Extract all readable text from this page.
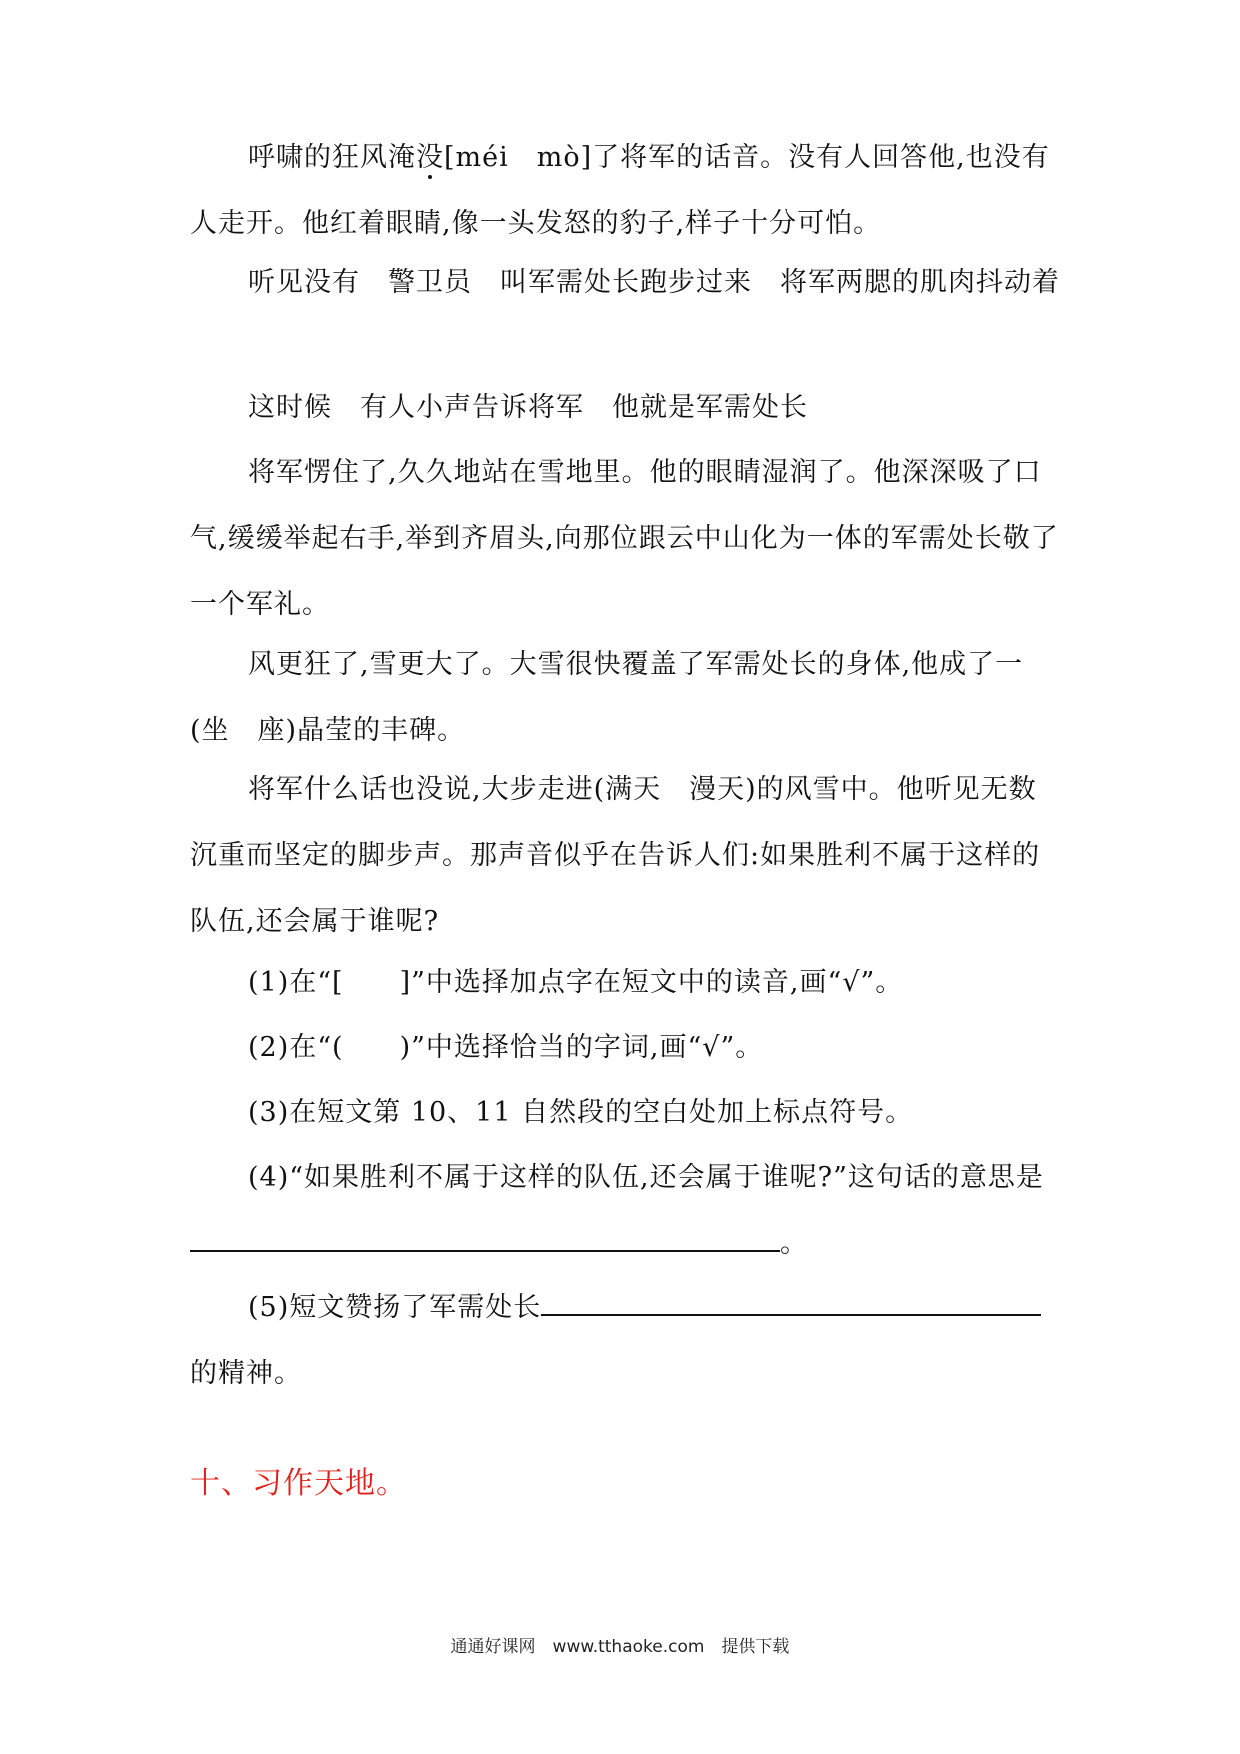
呼啸的狂风淹没[méi　mò]了将军的话音。没有人回答他,也没有人走开。他红着眼睛,像一头发怒的豹子,样子十分可怕。
听见没有　警卫员　叫军需处长跑步过来　将军两腮的肌肉抖动着
这时候　有人小声告诉将军　他就是军需处长
将军愣住了,久久地站在雪地里。他的眼睛湿润了。他深深吸了口气,缓缓举起右手,举到齐眉头,向那位跟云中山化为一体的军需处长敬了一个军礼。
风更狂了,雪更大了。大雪很快覆盖了军需处长的身体,他成了一(坐　座)晶莹的丰碑。
将军什么话也没说,大步走进(满天　漫天)的风雪中。他听见无数沉重而坚定的脚步声。那声音似乎在告诉人们:如果胜利不属于这样的队伍,还会属于谁呢?
(1)在“[　　]”中选择加点字在短文中的读音,画“√”。
(2)在“(　　)”中选择恰当的字词,画“√”。
(3)在短文第 10、11 自然段的空白处加上标点符号。
(4)“如果胜利不属于这样的队伍,还会属于谁呢?”这句话的意思是。
(5)短文赞扬了军需处长的精神。
十、习作天地。
通通好课网　www.tthaoke.com　提供下载
